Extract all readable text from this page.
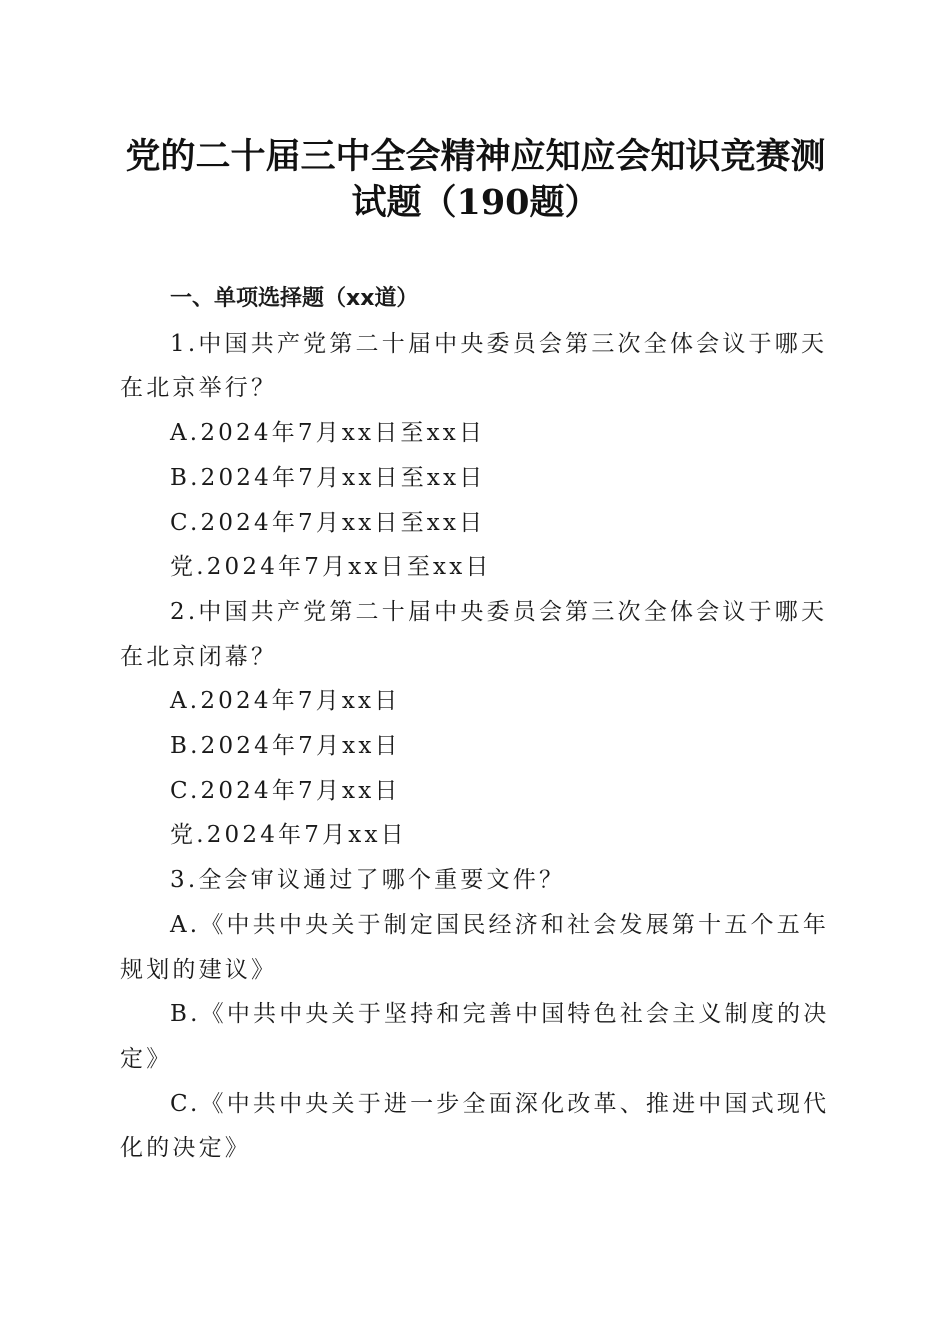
党的二十届三中全会精神应知应会知识竞赛测
试题（190题）

一、单项选择题（xx道）

1.中国共产党第二十届中央委员会第三次全体会议于哪天
在北京举行？

A.2024年7月xx日至xx日

B.2024年7月xx日至xx日

C.2024年7月xx日至xx日

党.2024年7月xx日至xx日

2.中国共产党第二十届中央委员会第三次全体会议于哪天
在北京闭幕？

A.2024年7月xx日

B.2024年7月xx日

C.2024年7月xx日

党.2024年7月xx日

3.全会审议通过了哪个重要文件？

A.《中共中央关于制定国民经济和社会发展第十五个五年
规划的建议》

B.《中共中央关于坚持和完善中国特色社会主义制度的决
定》

C.《中共中央关于进一步全面深化改革、推进中国式现代
化的决定》
